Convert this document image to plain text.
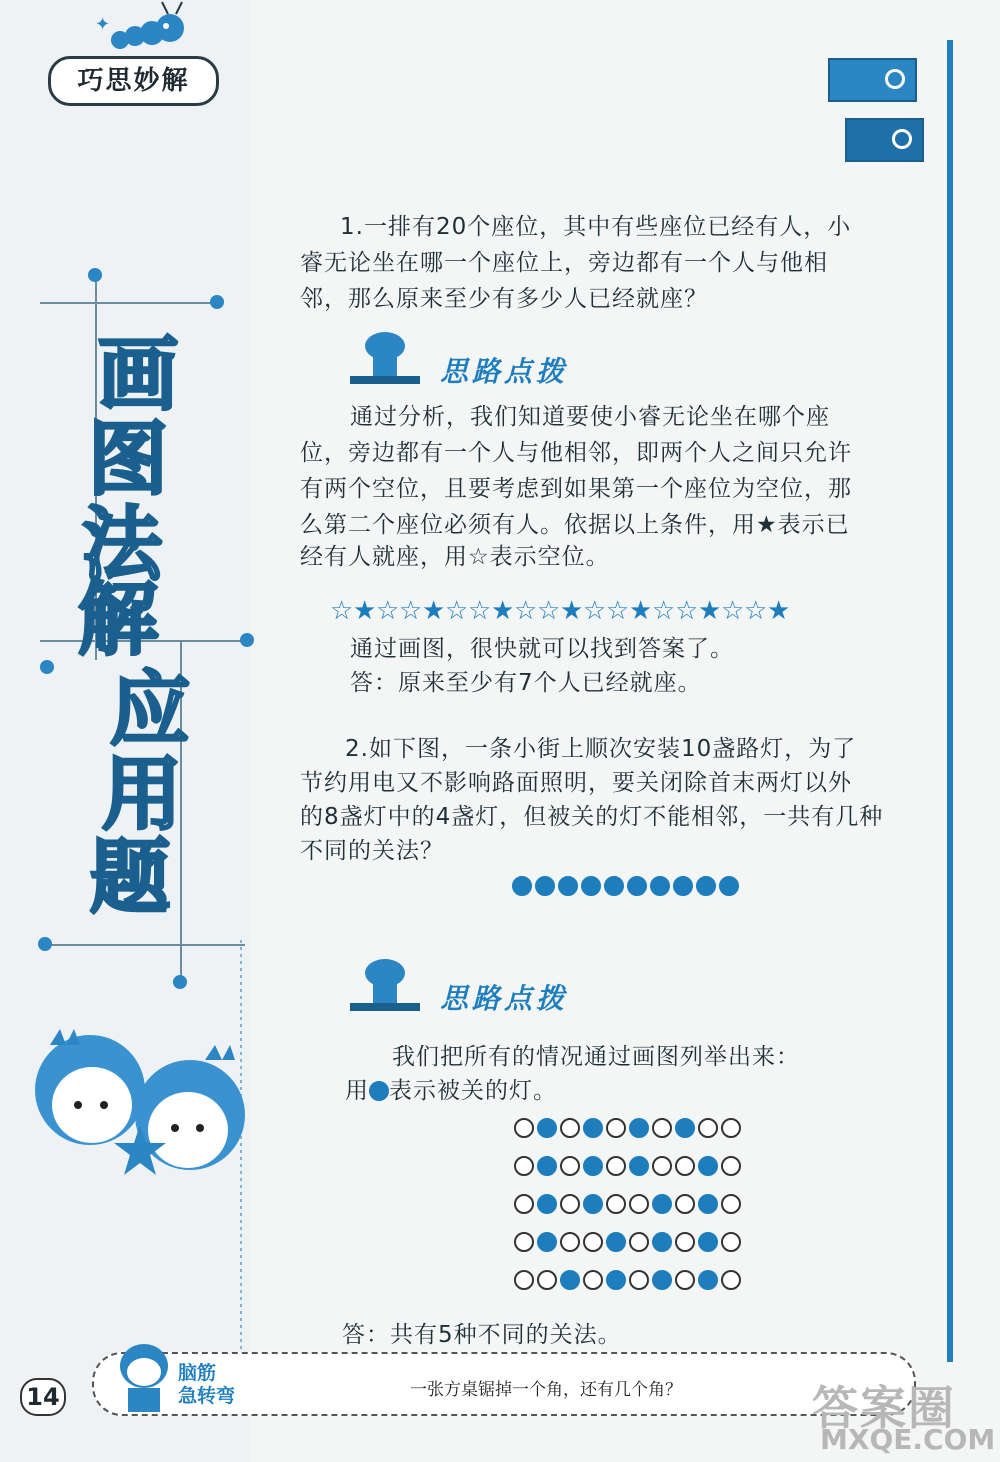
✦
巧思妙解
画
图
法
解
应
用
题
1.一排有20个座位，其中有些座位已经有人，小
睿无论坐在哪一个座位上，旁边都有一个人与他相
邻，那么原来至少有多少人已经就座？
思路点拨
通过分析，我们知道要使小睿无论坐在哪个座
位，旁边都有一个人与他相邻，即两个人之间只允许
有两个空位，且要考虑到如果第一个座位为空位，那
么第二个座位必须有人。依据以上条件，用★表示已
经有人就座，用☆表示空位。
☆★☆☆★☆☆★☆☆★☆☆★☆☆★☆☆★
通过画图，很快就可以找到答案了。
答：原来至少有7个人已经就座。
2.如下图，一条小街上顺次安装10盏路灯，为了
节约用电又不影响路面照明，要关闭除首末两灯以外
的8盏灯中的4盏灯，但被关的灯不能相邻，一共有几种
不同的关法？
思路点拨
我们把所有的情况通过画图列举出来：
用 表示被关的灯。
答：共有5种不同的关法。
14
脑筋
急转弯	一张方桌锯掉一个角，还有几个角？	答案圈
MXQE.COM
